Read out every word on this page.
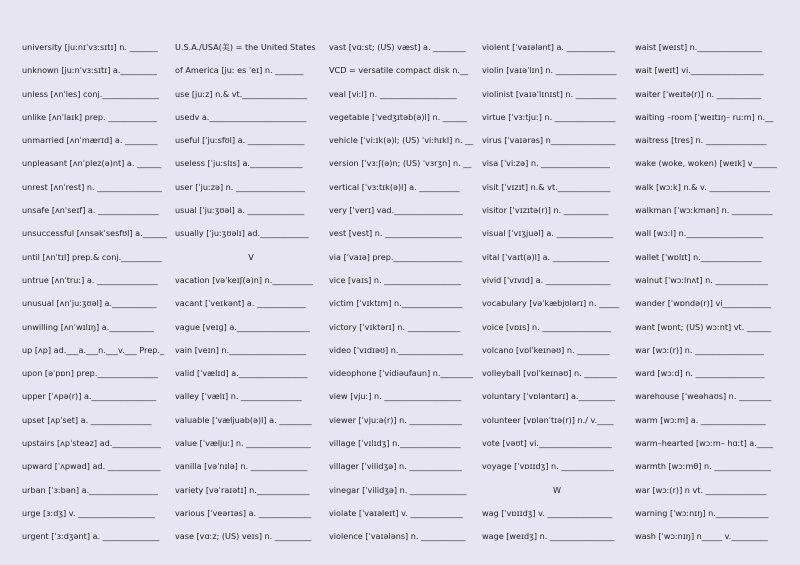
university [juːnɪˈvɜːsɪtɪ] n. _______
unknown [juːnˈvɜːsɪtɪ] a._________
unless [ʌnˈles] conj.______________
unlike [ʌnˈlaɪk] prep. ____________
unmarried [ʌnˈmærɪd] a. ________
unpleasant [ʌnˈplez(ə)nt] a. ______
unrest [ʌnˈrest] n. ________________
unsafe [ʌnˈseɪf] a. _______________
unsuccessful [ʌnsəkˈsesfʊl] a.______
until [ʌnˈtɪl] prep.& conj.__________
untrue [ʌnˈtruː] a. _______________
unusual [ʌnˈjuːʒʊəl] a.___________
unwilling [ʌnˈwɪlɪŋ] a.___________
up [ʌp] ad.___a.___n.___v.___ Prep._
upon [əˈpɒn] prep._______________
upper [ˈʌpə(r)] a.________________
upset [ʌpˈset] a. _______________
upstairs [ʌpˈsteəz] ad.____________
upward [ˈʌpwəd] ad. _____________
urban [ˈɜːbən] a._________________
urge [ɜːdʒ] v. ___________________
urgent [ˈɜːdʒənt] a. ______________
U.S.A./USA(美) = the United States
of America [juː es ˈeɪ] n. _______
use [juːz] n.& vt.________________
usedv a.________________________
useful [ˈjuːsfʊl] a. ______________
useless [ˈjuːslɪs] a._____________
user [ˈjuːzə] n. _________________
usual [ˈjuːʒʊəl] a. ______________
usually [ˈjuːʒʊəlɪ] ad.____________
V
vacation [vəˈkeɪʃ(ə)n] n.__________
vacant [ˈveɪkənt] a. ____________
vague [veɪɡ] a.__________________
vain [veɪn] n.___________________
valid [ˈvælɪd] a._________________
valley [ˈvælɪ] n. _______________
valuable [ˈvæljuəb(ə)l] a. ________
value [ˈvæljuː] n. ________________
vanilla [vəˈnɪlə] n. ______________
variety [vəˈraɪətɪ] n._____________
various [ˈveərɪəs] a. _____________
vase [vɑːz; (US) veɪs] n. _________
vast [vɑːst; (US) væst] a. ________
VCD = versatile compact disk n.__
veal [viːl] n. ___________________
vegetable [ˈvedʒɪtəb(ə)l] n. ______
vehicle [ˈviːɪk(ə)l; (US) ˈviːhɪkl] n. __
version [ˈvɜːʃ(ə)n; (US) ˈvɜrʒn] n. __
vertical [ˈvɜːtɪk(ə)l] a. __________
very [ˈverɪ] vad._________________
vest [vest] n. ___________________
via [ˈvaɪə] prep._________________
vice [vaɪs] n. ___________________
victim [ˈvɪktɪm] n._______________
victory [ˈvɪktərɪ] n. _____________
video [ˈvɪdɪəʊ] n.________________
videophone [ˈvidiəufaun] n.________
view [vjuː] n. ___________________
viewer [ˈvjuːə(r)] n. _____________
village [ˈvɪlɪdʒ] n._______________
villager [ˈvilidʒə] n. _____________
vinegar [ˈvilidʒə] n. ______________
violate [ˈvaɪəleɪt] v. _____________
violence [ˈvaɪələns] n. ___________
violent [ˈvaɪələnt] a. ____________
violin [vaɪəˈlɪn] n. _______________
violinist [vaɪəˈlɪnɪst] n. __________
virtue [ˈvɜːtjuː] n. _______________
virus [ˈvaɪərəs] n________________
visa [ˈviːzə] n. _________________
visit [ˈvɪzɪt] n.& vt._____________
visitor [ˈvɪzɪtə(r)] n. ___________
visual [ˈvɪʒjuəl] a. ______________
vital [ˈvaɪt(ə)l] a. ______________
vivid [ˈvɪvɪd] a. ________________
vocabulary [vəˈkæbjʊlərɪ] n. _____
voice [vɒɪs] n. _________________
volcano [vɒlˈkeɪnəʊ] n. ________
volleyball [vɒlˈkeɪnəʊ] n. ________
voluntary [ˈvɒləntərɪ] a._________
volunteer [vɒlənˈtɪə(r)] n./ v.____
vote [vəʊt] vi.__________________
voyage [ˈvɒɪɪdʒ] n. _____________
W
wag [ˈvɒɪɪdʒ] v. ________________
wage [weɪdʒ] n. ________________
waist [weɪst] n.________________
wait [weɪt] vi.__________________
waiter [ˈweɪtə(r)] n. ___________
waiting –room [ˈweɪtɪŋ– ruːm] n.__
waitress [tres] n. _______________
wake (woke, woken) [weɪk] v______
walk [wɔːk] n.& v. _______________
walkman [ˈwɔːkmən] n. __________
wall [wɔːl] n.___________________
wallet [ˈwɒlɪt] n._______________
walnut [ˈwɔːlnʌt] n. _____________
wander [ˈwɒndə(r)] vi____________
want [wɒnt; (US) wɔːnt] vt. ______
war [wɔː(r)] n. _________________
ward [wɔːd] n. _________________
warehouse [ˈweəhaʊs] n. ________
warm [wɔːm] a. ________________
warm–hearted [wɔːm– hɑːt] a.____
warmth [wɔːmθ] n. ______________
war [wɔː(r)] n vt. _______________
warning [ˈwɔːnɪŋ] n._____________
wash [ˈwɔːnɪŋ] n_____ v._________
